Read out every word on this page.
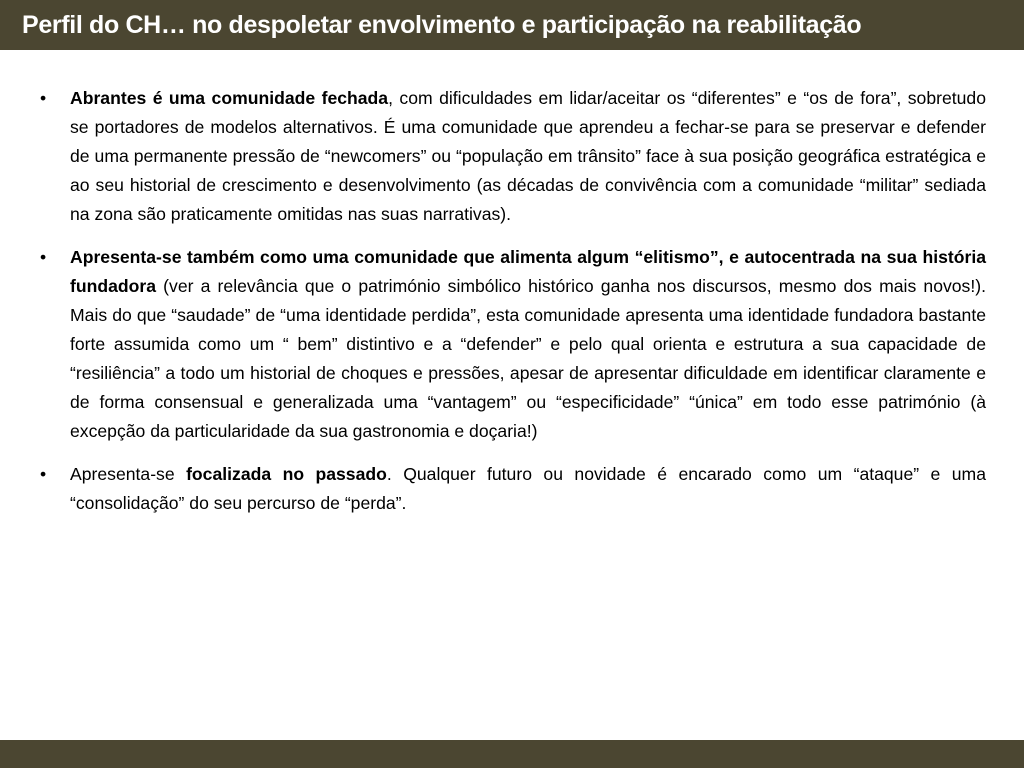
Perfil do CH… no despoletar envolvimento e participação na reabilitação
• Abrantes é uma comunidade fechada, com dificuldades em lidar/aceitar os “diferentes” e “os de fora”, sobretudo se portadores de modelos alternativos. É uma comunidade que aprendeu a fechar-se para se preservar e defender de uma permanente pressão de “newcomers” ou “população em trânsito” face à sua posição geográfica estratégica e ao seu historial de crescimento e desenvolvimento (as décadas de convivência com a comunidade “militar” sediada na zona são praticamente omitidas nas suas narrativas).
• Apresenta-se também como uma comunidade que alimenta algum “elitismo”, e autocentrada na sua história fundadora (ver a relevância que o património simbólico histórico ganha nos discursos, mesmo dos mais novos!). Mais do que “saudade” de “uma identidade perdida”, esta comunidade apresenta uma identidade fundadora bastante forte assumida como um “ bem” distintivo e a “defender” e pelo qual orienta e estrutura a sua capacidade de “resiliência” a todo um historial de choques e pressões, apesar de apresentar dificuldade em identificar claramente e de forma consensual e generalizada uma “vantagem” ou “especificidade” “única” em todo esse património (à excepção da particularidade da sua gastronomia e doçaria!)
• Apresenta-se focalizada no passado. Qualquer futuro ou novidade é encarado como um “ataque” e uma “consolidação” do seu percurso de “perda”.
